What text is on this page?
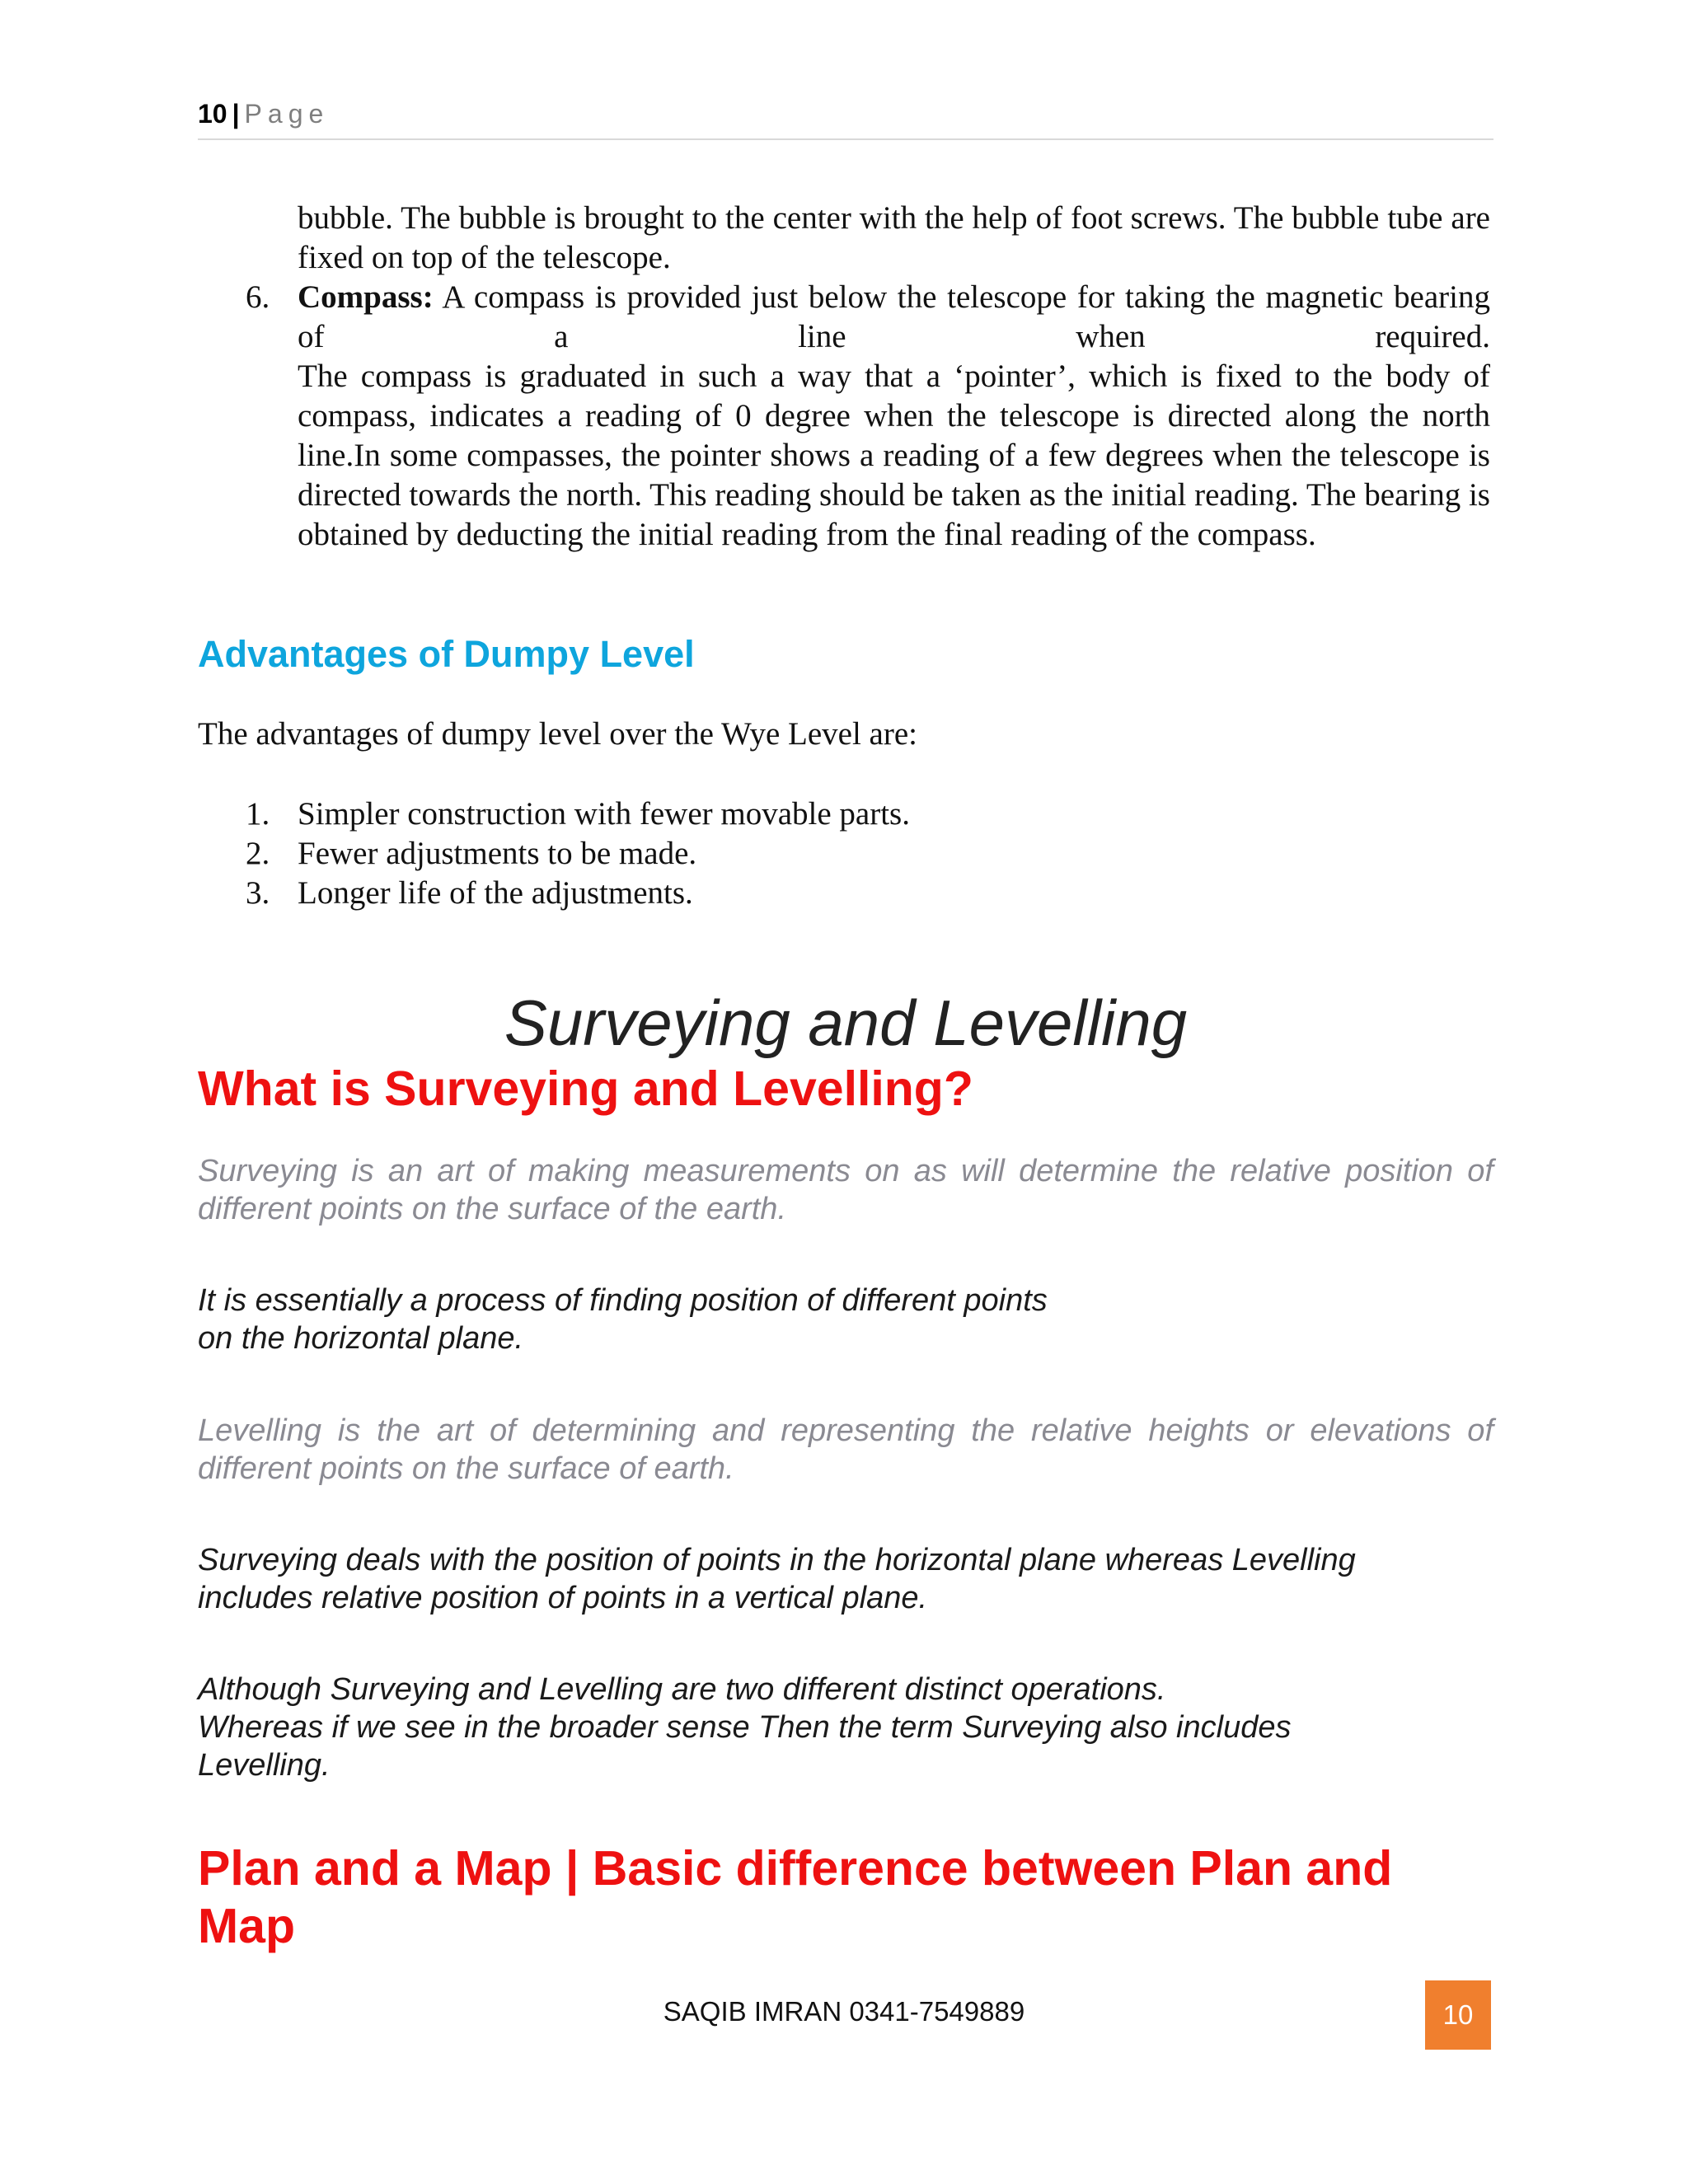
10 | Page
bubble. The bubble is brought to the center with the help of foot screws. The bubble tube are fixed on top of the telescope.
6. Compass: A compass is provided just below the telescope for taking the magnetic bearing of a line when required.
The compass is graduated in such a way that a ‘pointer’, which is fixed to the body of compass, indicates a reading of 0 degree when the telescope is directed along the north line.In some compasses, the pointer shows a reading of a few degrees when the telescope is directed towards the north. This reading should be taken as the initial reading. The bearing is obtained by deducting the initial reading from the final reading of the compass.
Advantages of Dumpy Level
The advantages of dumpy level over the Wye Level are:
1. Simpler construction with fewer movable parts.
2. Fewer adjustments to be made.
3. Longer life of the adjustments.
Surveying and Levelling
What is Surveying and Levelling?
Surveying is an art of making measurements on as will determine the relative position of different points on the surface of the earth.
It is essentially a process of finding position of different points
on the horizontal plane.
Levelling is the art of determining and representing the relative heights or elevations of different points on the surface of earth.
Surveying deals with the position of points in the horizontal plane whereas Levelling
includes relative position of points in a vertical plane.
Although Surveying and Levelling are two different distinct operations.
Whereas if we see in the broader sense Then the term Surveying also includes
Levelling.
Plan and a Map | Basic difference between Plan and Map
SAQIB IMRAN 0341-7549889	10
